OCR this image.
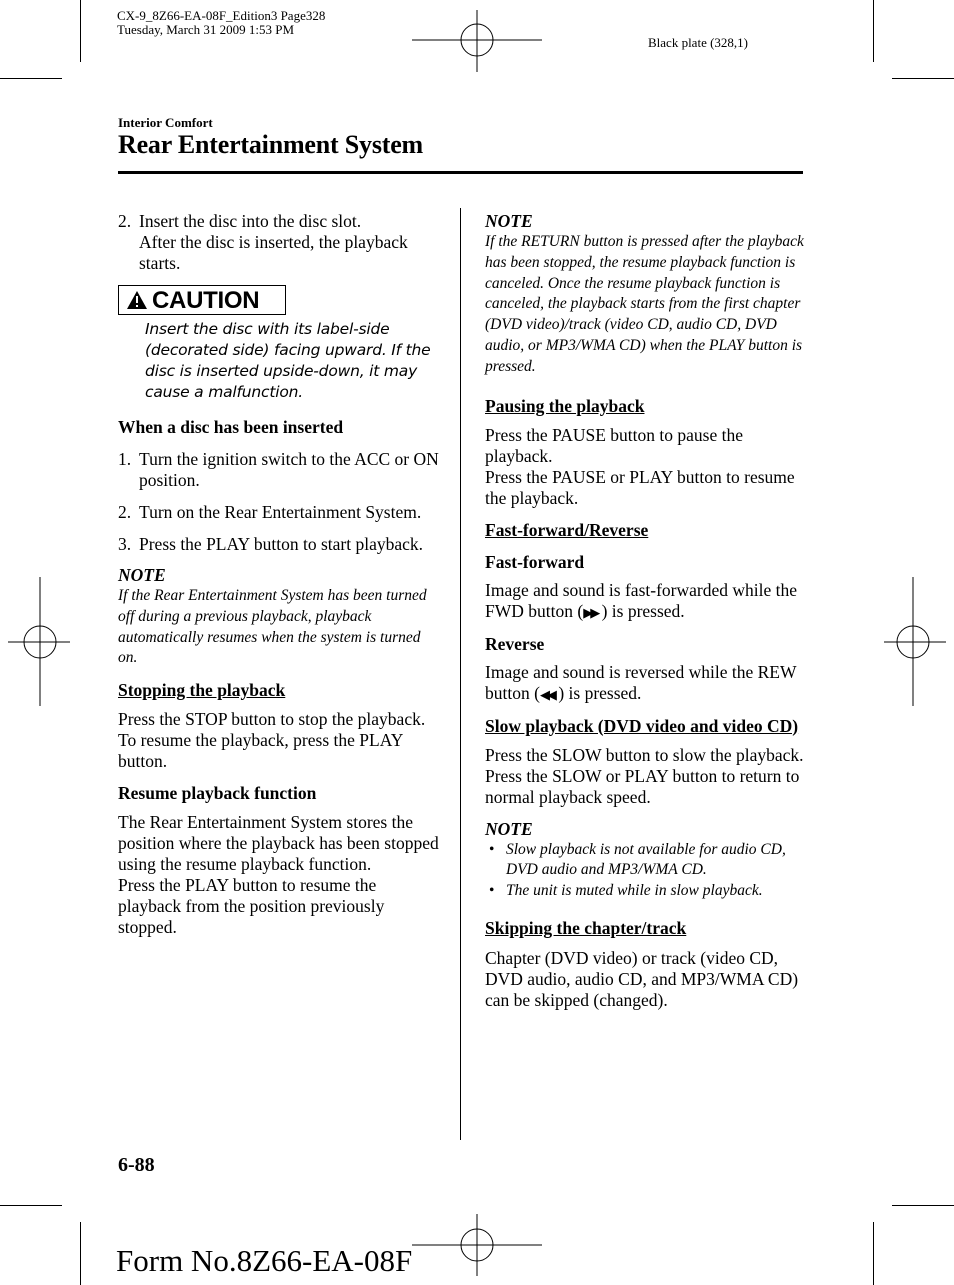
CX-9_8Z66-EA-08F_Edition3 Page328
Tuesday, March 31 2009 1:53 PM
Black plate (328,1)
Interior Comfort
Rear Entertainment System
2. Insert the disc into the disc slot.
After the disc is inserted, the playback starts.
CAUTION
Insert the disc with its label-side (decorated side) facing upward. If the disc is inserted upside-down, it may cause a malfunction.
When a disc has been inserted
1. Turn the ignition switch to the ACC or ON position.
2. Turn on the Rear Entertainment System.
3. Press the PLAY button to start playback.
NOTE

If the Rear Entertainment System has been turned off during a previous playback, playback automatically resumes when the system is turned on.

Stopping the playback
Press the STOP button to stop the playback.

To resume the playback, press the PLAY button.

Resume playback function
The Rear Entertainment System stores the position where the playback has been stopped using the resume playback function.
Press the PLAY button to resume the playback from the position previously stopped.
NOTE

If the RETURN button is pressed after the playback has been stopped, the resume playback function is canceled. Once the resume playback function is canceled, the playback starts from the first chapter (DVD video)/track (video CD, audio CD, DVD audio, or MP3/WMA CD) when the PLAY button is pressed.

Pausing the playback
Press the PAUSE button to pause the playback.

Press the PAUSE or PLAY button to resume the playback.

Fast-forward/Reverse
Fast-forward

Image and sound is fast-forwarded while the FWD button (▶▶ ) is pressed.

Reverse

Image and sound is reversed while the REW button (◀◀ ) is pressed.

Slow playback (DVD video and video CD)
Press the SLOW button to slow the playback.

Press the SLOW or PLAY button to return to normal playback speed.

NOTE
• Slow playback is not available for audio CD, DVD audio and MP3/WMA CD.
• The unit is muted while in slow playback.
Skipping the chapter/track
Chapter (DVD video) or track (video CD, DVD audio, audio CD, and MP3/WMA CD) can be skipped (changed).
6-88
Form No.8Z66-EA-08F
